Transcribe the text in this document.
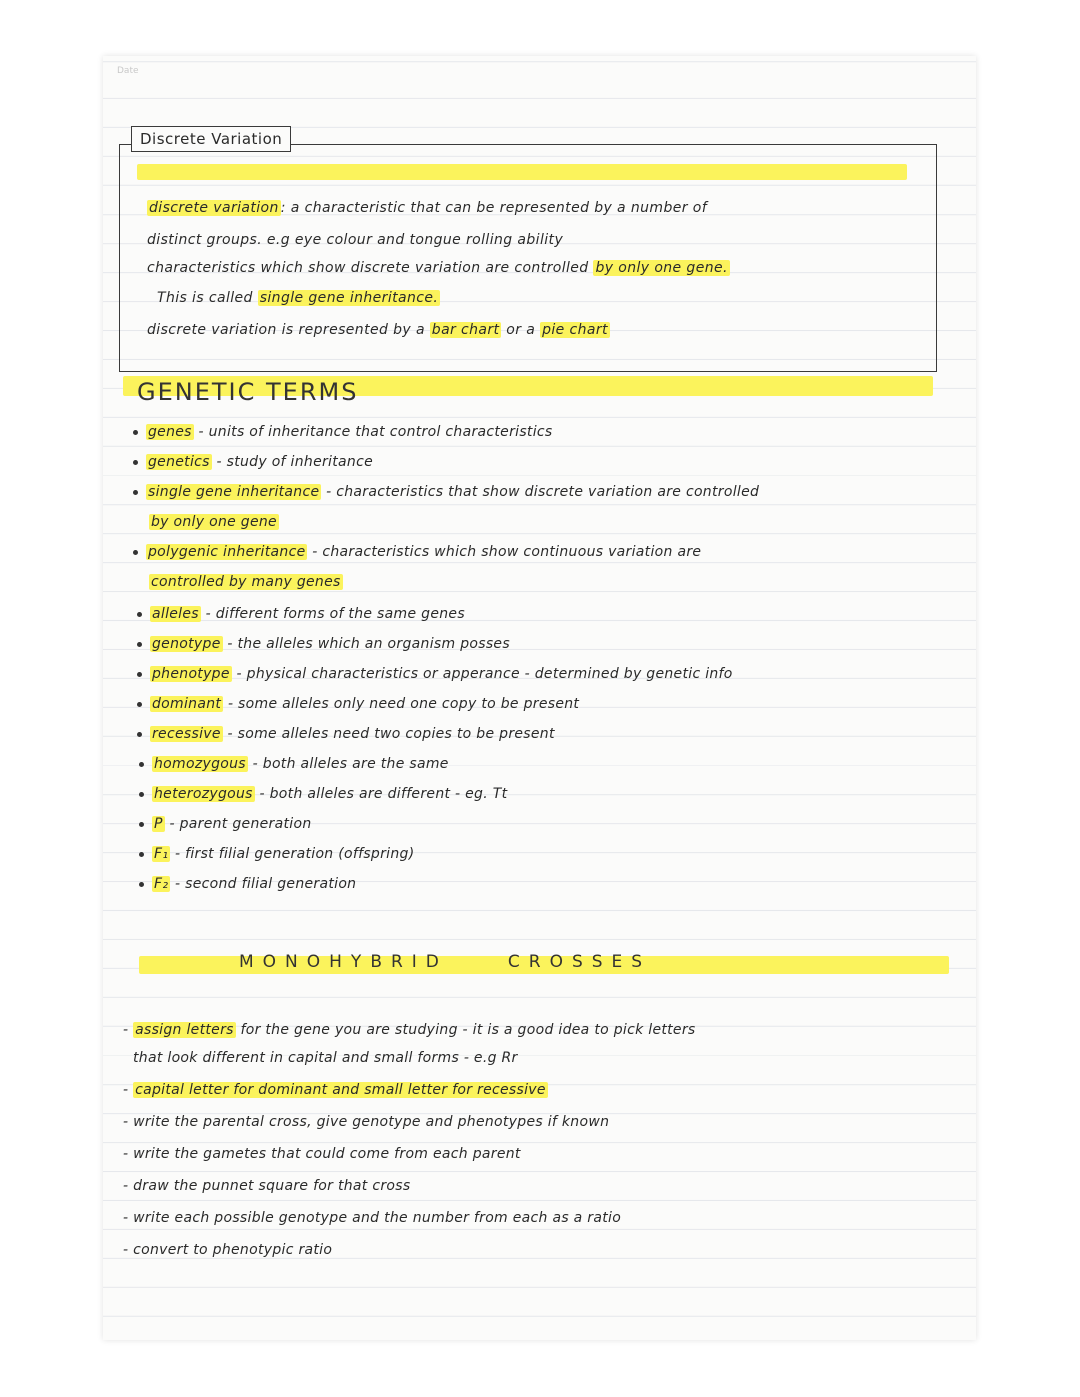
Date
Discrete Variation
discrete variation : a characteristic that can be represented by a number of
distinct groups. e.g eye colour and tongue rolling ability
characteristics which show discrete variation are controlled by only one gene.
This is called single gene inheritance.
discrete variation is represented by a bar chart or a pie chart
GENETIC TERMS
genes - units of inheritance that control characteristics
genetics - study of inheritance
single gene inheritance - characteristics that show discrete variation are controlled
by only one gene
polygenic inheritance - characteristics which show continuous variation are
controlled by many genes
alleles - different forms of the same genes
genotype - the alleles which an organism posses
phenotype - physical characteristics or apperance - determined by genetic info
dominant - some alleles only need one copy to be present
recessive - some alleles need two copies to be present
homozygous - both alleles are the same
heterozygous - both alleles are different - eg. Tt
P - parent generation
F₁ - first filial generation (offspring)
F₂ - second filial generation
MONOHYBRID	CROSSES
- assign letters for the gene you are studying - it is a good idea to pick letters
that look different in capital and small forms - e.g Rr
- capital letter for dominant and small letter for recessive
- write the parental cross, give genotype and phenotypes if known
- write the gametes that could come from each parent
- draw the punnet square for that cross
- write each possible genotype and the number from each as a ratio
- convert to phenotypic ratio
